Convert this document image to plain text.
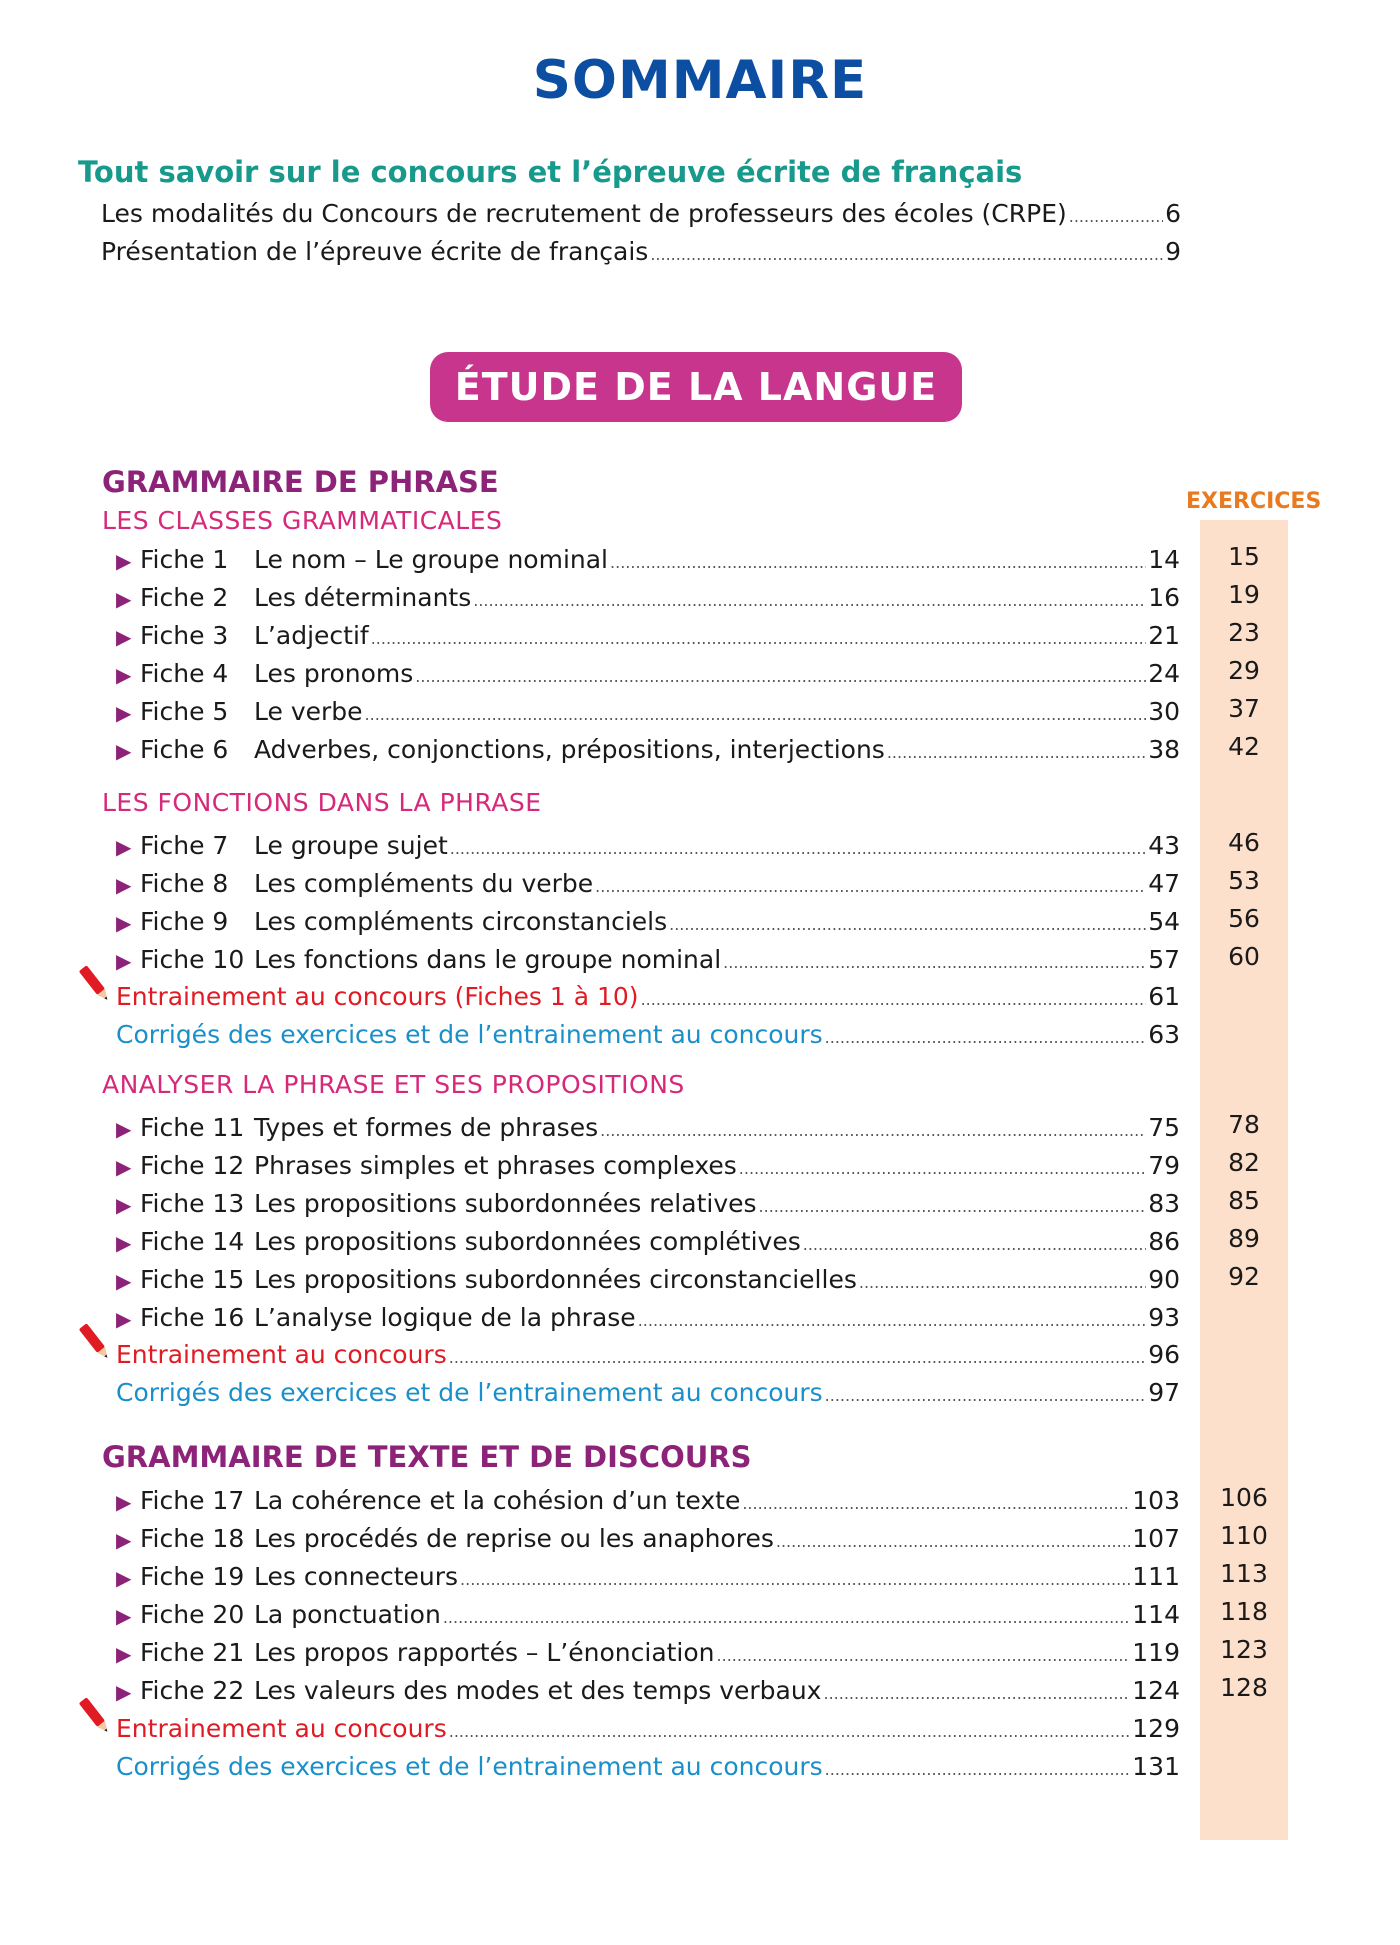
SOMMAIRE
Tout savoir sur le concours et l’épreuve écrite de français
Les modalités du Concours de recrutement de professeurs des écoles (CRPE) .....	6
Présentation de l’épreuve écrite de français .....	9
ÉTUDE DE LA LANGUE
EXERCICES
GRAMMAIRE DE PHRASE
LES CLASSES GRAMMATICALES
LES FONCTIONS DANS LA PHRASE
ANALYSER LA PHRASE ET SES PROPOSITIONS
GRAMMAIRE DE TEXTE ET DE DISCOURS
▶ Fiche 1 Le nom – Le groupe nominal .....	14	15
▶ Fiche 2 Les déterminants .....	16	19
▶ Fiche 3 L’adjectif .....	21	23
▶ Fiche 4 Les pronoms .....	24	29
▶ Fiche 5 Le verbe .....	30	37
▶ Fiche 6 Adverbes, conjonctions, prépositions, interjections .....	38	42
▶ Fiche 7 Le groupe sujet .....	43	46
▶ Fiche 8 Les compléments du verbe .....	47	53
▶ Fiche 9 Les compléments circonstanciels .....	54	56
▶ Fiche 10 Les fonctions dans le groupe nominal .....	57	60
▶ Fiche 11 Types et formes de phrases .....	75	78
▶ Fiche 12 Phrases simples et phrases complexes .....	79	82
▶ Fiche 13 Les propositions subordonnées relatives .....	83	85
▶ Fiche 14 Les propositions subordonnées complétives .....	86	89
▶ Fiche 15 Les propositions subordonnées circonstancielles .....	90	92
▶ Fiche 16 L’analyse logique de la phrase .....	93
▶ Fiche 17 La cohérence et la cohésion d’un texte .....	103	106
▶ Fiche 18 Les procédés de reprise ou les anaphores .....	107	110
▶ Fiche 19 Les connecteurs .....	111	113
▶ Fiche 20 La ponctuation .....	114	118
▶ Fiche 21 Les propos rapportés – L’énonciation .....	119	123
▶ Fiche 22 Les valeurs des modes et des temps verbaux .....	124	128
Entrainement au concours (Fiches 1 à 10) .....	61
Entrainement au concours .....	96
Entrainement au concours .....	129
Corrigés des exercices et de l’entrainement au concours .....	63
Corrigés des exercices et de l’entrainement au concours .....	97
Corrigés des exercices et de l’entrainement au concours .....	131
